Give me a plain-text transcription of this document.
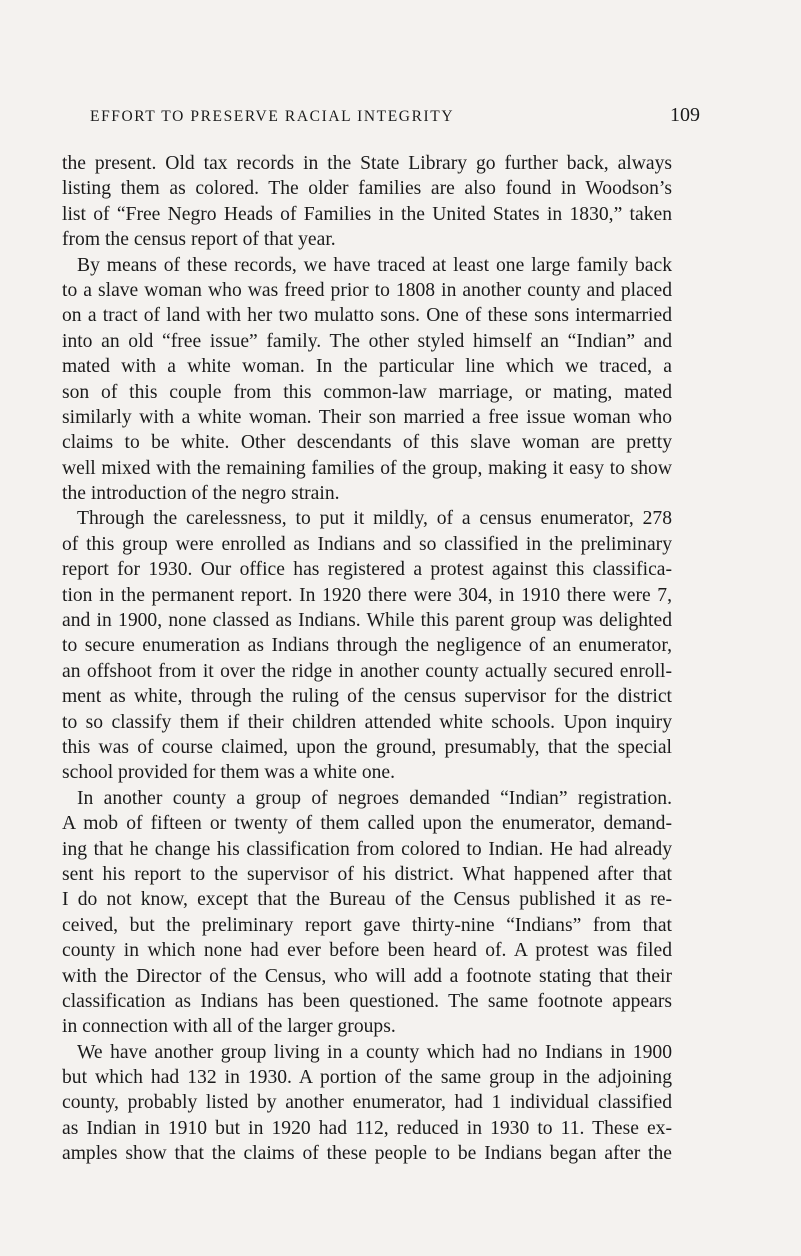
EFFORT TO PRESERVE RACIAL INTEGRITY	109
the present. Old tax records in the State Library go further back, always
listing them as colored. The older families are also found in Woodson’s
list of “Free Negro Heads of Families in the United States in 1830,” taken
from the census report of that year.
By means of these records, we have traced at least one large family back
to a slave woman who was freed prior to 1808 in another county and placed
on a tract of land with her two mulatto sons. One of these sons intermarried
into an old “free issue” family. The other styled himself an “Indian” and
mated with a white woman. In the particular line which we traced, a
son of this couple from this common-law marriage, or mating, mated
similarly with a white woman. Their son married a free issue woman who
claims to be white. Other descendants of this slave woman are pretty
well mixed with the remaining families of the group, making it easy to show
the introduction of the negro strain.
Through the carelessness, to put it mildly, of a census enumerator, 278
of this group were enrolled as Indians and so classified in the preliminary
report for 1930. Our office has registered a protest against this classifica-
tion in the permanent report. In 1920 there were 304, in 1910 there were 7,
and in 1900, none classed as Indians. While this parent group was delighted
to secure enumeration as Indians through the negligence of an enumerator,
an offshoot from it over the ridge in another county actually secured enroll-
ment as white, through the ruling of the census supervisor for the district
to so classify them if their children attended white schools. Upon inquiry
this was of course claimed, upon the ground, presumably, that the special
school provided for them was a white one.
In another county a group of negroes demanded “Indian” registration.
A mob of fifteen or twenty of them called upon the enumerator, demand-
ing that he change his classification from colored to Indian. He had already
sent his report to the supervisor of his district. What happened after that
I do not know, except that the Bureau of the Census published it as re-
ceived, but the preliminary report gave thirty-nine “Indians” from that
county in which none had ever before been heard of. A protest was filed
with the Director of the Census, who will add a footnote stating that their
classification as Indians has been questioned. The same footnote appears
in connection with all of the larger groups.
We have another group living in a county which had no Indians in 1900
but which had 132 in 1930. A portion of the same group in the adjoining
county, probably listed by another enumerator, had 1 individual classified
as Indian in 1910 but in 1920 had 112, reduced in 1930 to 11. These ex-
amples show that the claims of these people to be Indians began after the
